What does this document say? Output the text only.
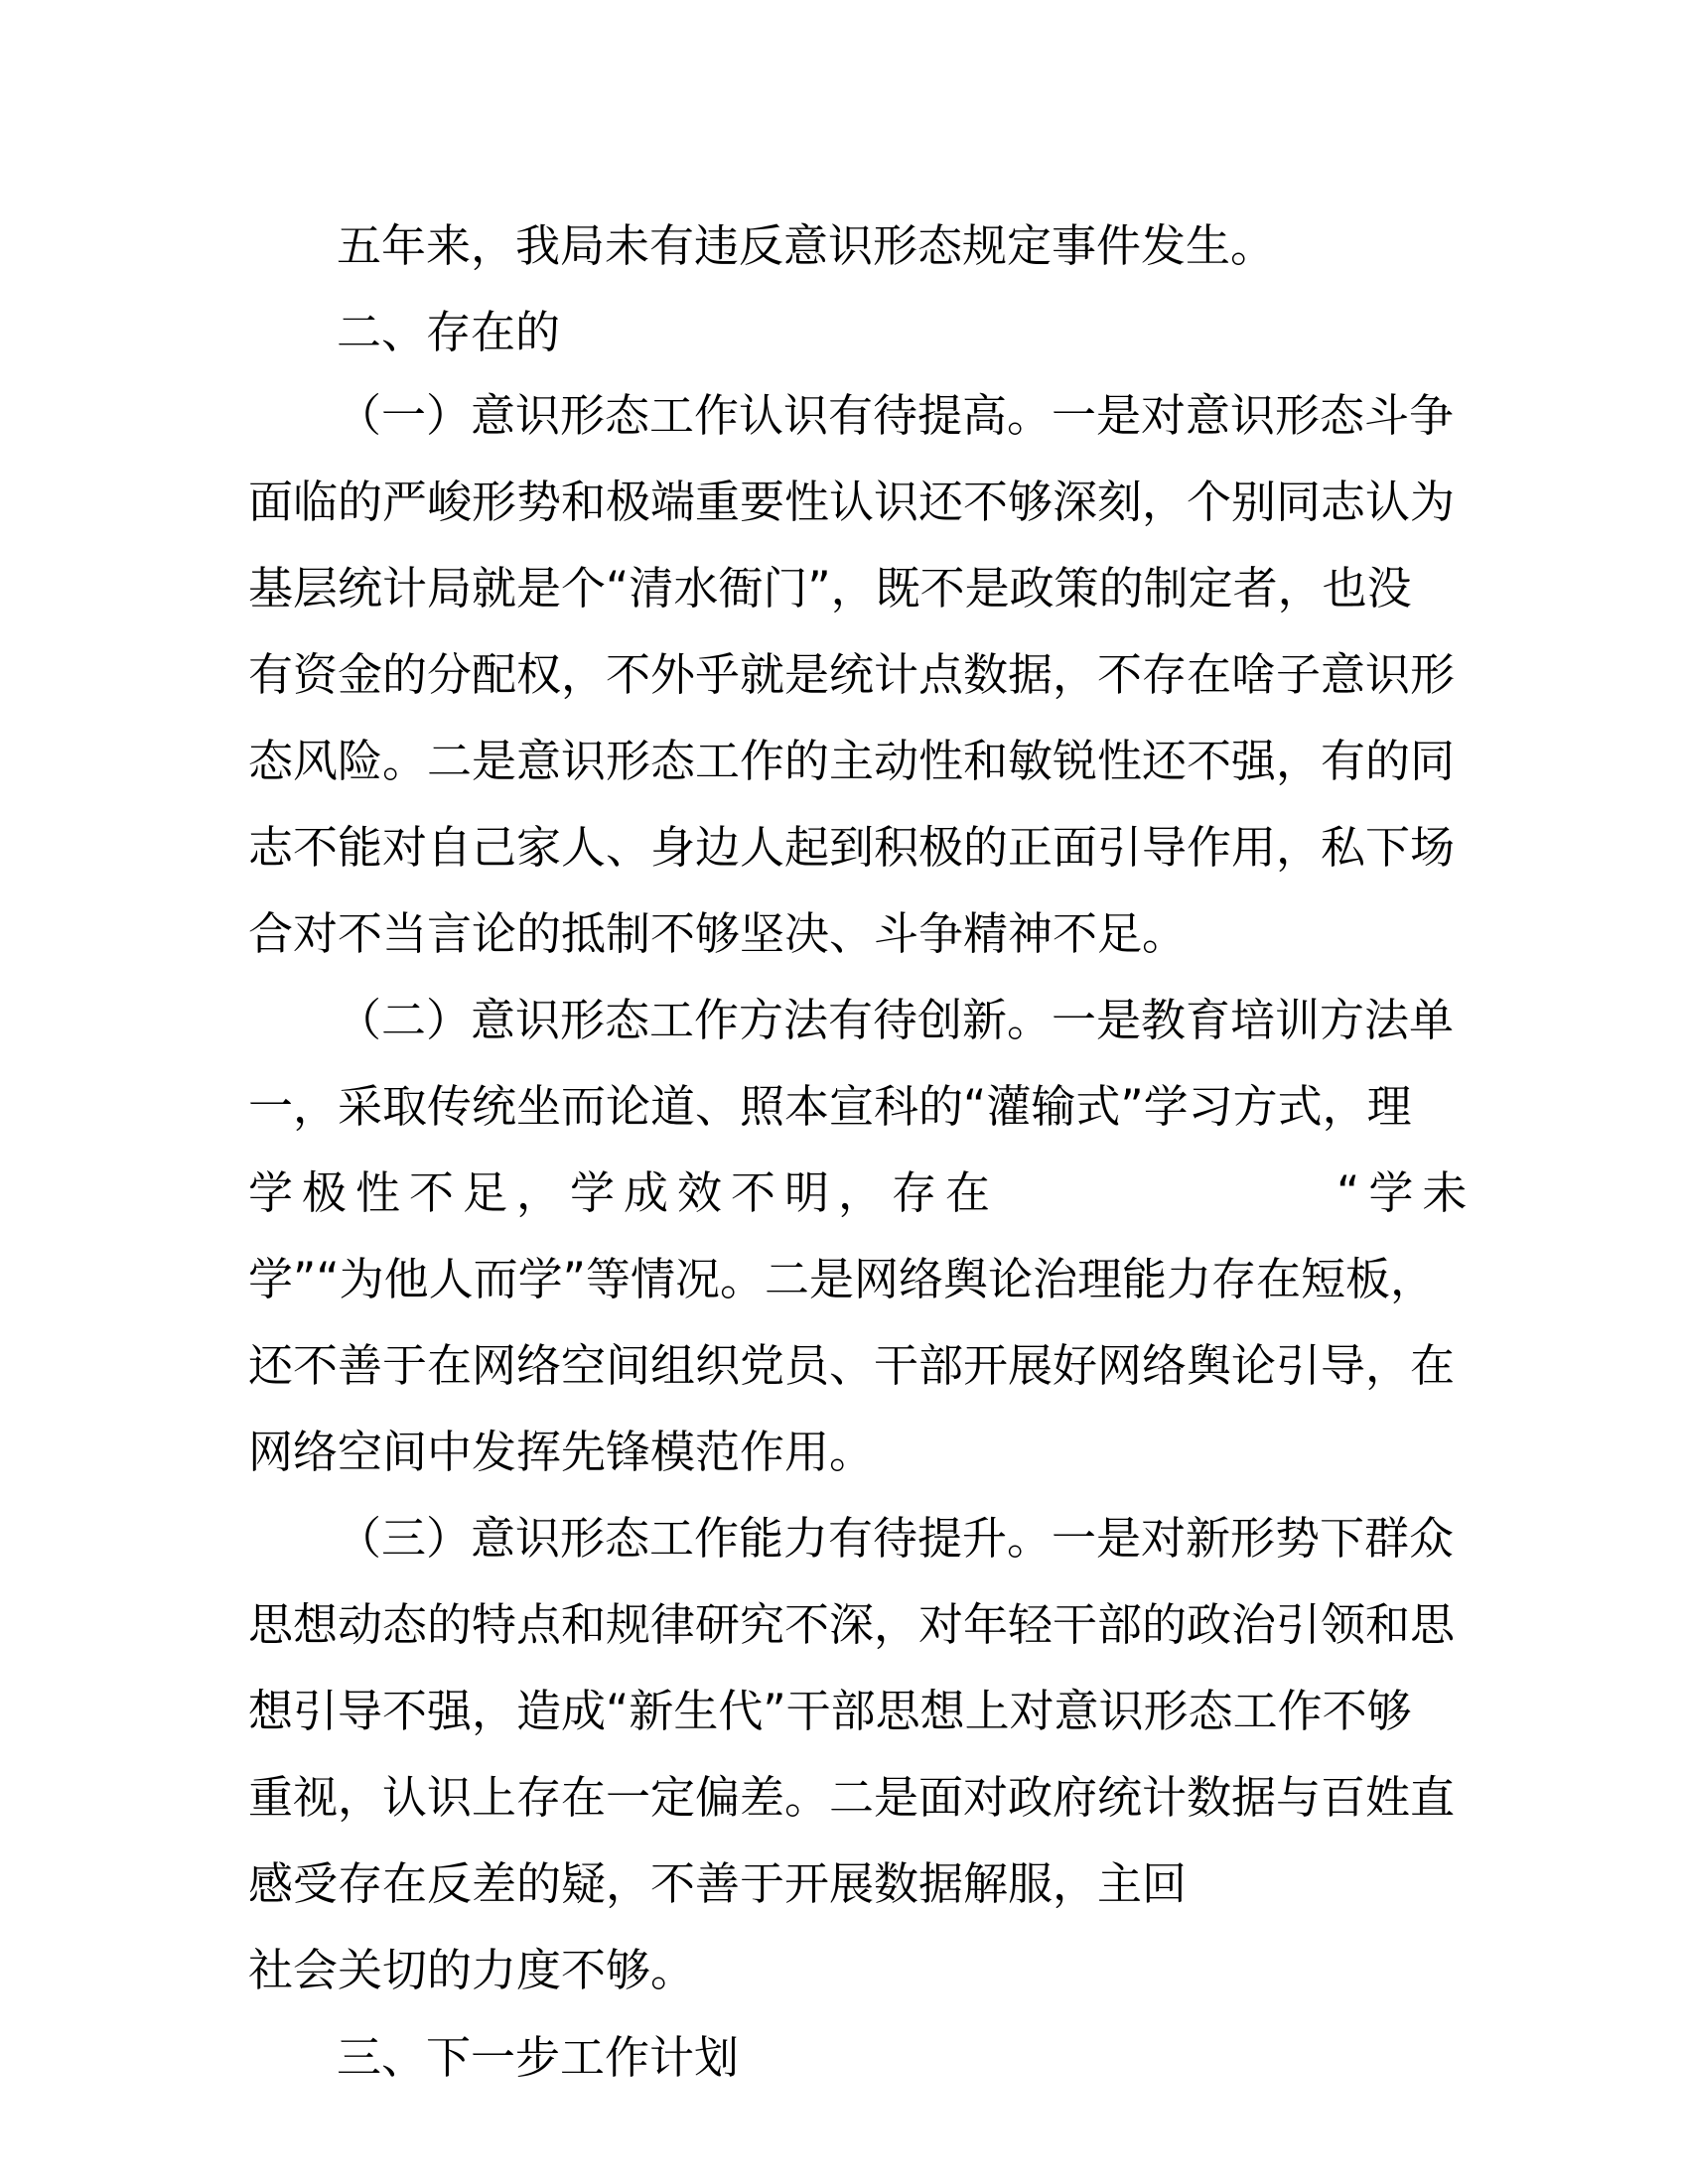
五年来，我局未有违反意识形态规定事件发生。
二、存在的
（一）意识形态工作认识有待提高。一是对意识形态斗争
面临的严峻形势和极端重要性认识还不够深刻，个别同志认为
基层统计局就是个“清水衙门”，既不是政策的制定者，也没
有资金的分配权，不外乎就是统计点数据，不存在啥子意识形
态风险。二是意识形态工作的主动性和敏锐性还不强，有的同
志不能对自己家人、身边人起到积极的正面引导作用，私下场
合对不当言论的抵制不够坚决、斗争精神不足。
（二）意识形态工作方法有待创新。一是教育培训方法单
一，采取传统坐而论道、照本宣科的“灌输式”学习方式，理
学极性不足，学成效不明，存在	“学未
学”“为他人而学”等情况。二是网络舆论治理能力存在短板，
还不善于在网络空间组织党员、干部开展好网络舆论引导，在
网络空间中发挥先锋模范作用。
（三）意识形态工作能力有待提升。一是对新形势下群众
思想动态的特点和规律研究不深，对年轻干部的政治引领和思
想引导不强，造成“新生代”干部思想上对意识形态工作不够
重视，认识上存在一定偏差。二是面对政府统计数据与百姓直
感受存在反差的疑，不善于开展数据解服，主回
社会关切的力度不够。
三、下一步工作计划
